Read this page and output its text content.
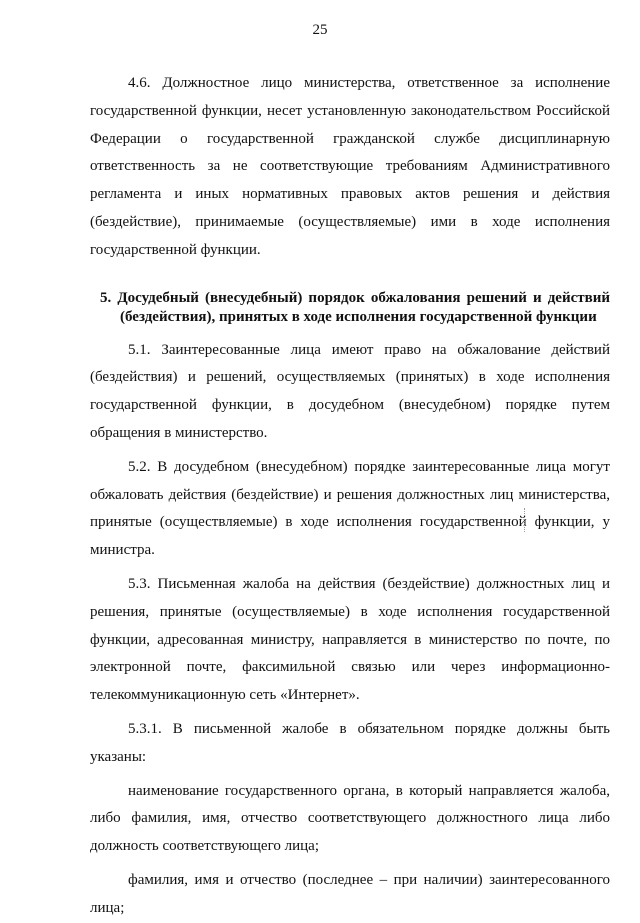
25

4.6. Должностное лицо министерства, ответственное за исполнение государственной функции, несет установленную законодательством Российской Федерации о государственной гражданской службе дисциплинарную ответственность за не соответствующие требованиям Административного регламента и иных нормативных правовых актов решения и действия (бездействие), принимаемые (осуществляемые) ими в ходе исполнения государственной функции.

5. Досудебный (внесудебный) порядок обжалования решений и действий (бездействия), принятых в ходе исполнения государственной функции

5.1. Заинтересованные лица имеют право на обжалование действий (бездействия) и решений, осуществляемых (принятых) в ходе исполнения государственной функции, в досудебном (внесудебном) порядке путем обращения в министерство.

5.2. В досудебном (внесудебном) порядке заинтересованные лица могут обжаловать действия (бездействие) и решения должностных лиц министерства, принятые (осуществляемые) в ходе исполнения государственной функции, у министра.

5.3. Письменная жалоба на действия (бездействие) должностных лиц и решения, принятые (осуществляемые) в ходе исполнения государственной функции, адресованная министру, направляется в министерство по почте, по электронной почте, факсимильной связью или через информационно-телекоммуникационную сеть «Интернет».

5.3.1. В письменной жалобе в обязательном порядке должны быть указаны:

наименование государственного органа, в который направляется жалоба, либо фамилия, имя, отчество соответствующего должностного лица либо должность соответствующего лица;

фамилия, имя и отчество (последнее – при наличии) заинтересованного лица;
